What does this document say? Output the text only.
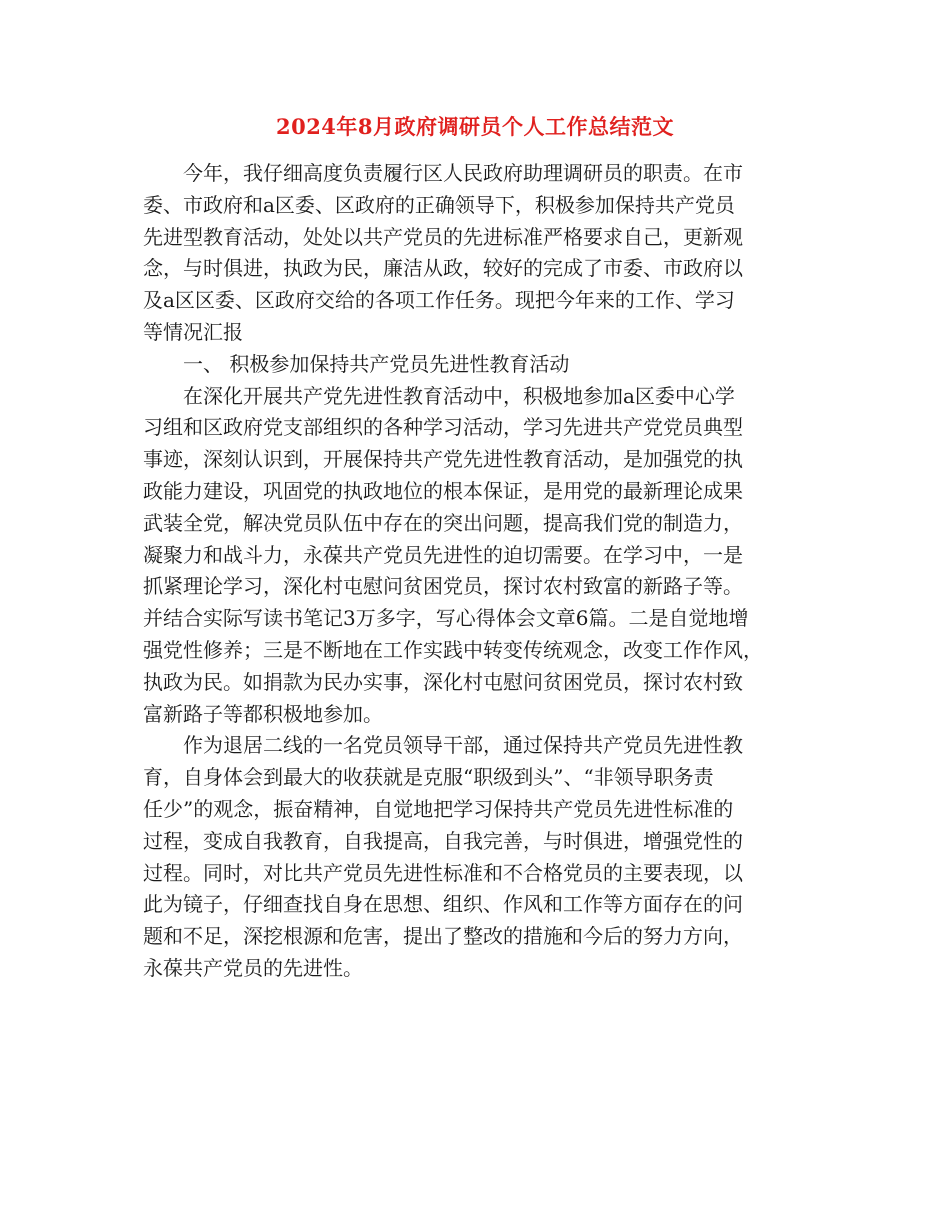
2024年8月政府调研员个人工作总结范文
今年，我仔细高度负责履行区人民政府助理调研员的职责。在市
委、市政府和a区委、区政府的正确领导下，积极参加保持共产党员
先进型教育活动，处处以共产党员的先进标准严格要求自己，更新观
念，与时俱进，执政为民，廉洁从政，较好的完成了市委、市政府以
及a区区委、区政府交给的各项工作任务。现把今年来的工作、学习
等情况汇报
一、 积极参加保持共产党员先进性教育活动
在深化开展共产党先进性教育活动中，积极地参加a区委中心学
习组和区政府党支部组织的各种学习活动，学习先进共产党党员典型
事迹，深刻认识到，开展保持共产党先进性教育活动，是加强党的执
政能力建设，巩固党的执政地位的根本保证，是用党的最新理论成果
武装全党，解决党员队伍中存在的突出问题，提高我们党的制造力，
凝聚力和战斗力，永葆共产党员先进性的迫切需要。在学习中，一是
抓紧理论学习，深化村屯慰问贫困党员，探讨农村致富的新路子等。
并结合实际写读书笔记3万多字，写心得体会文章6篇。二是自觉地增
强党性修养；三是不断地在工作实践中转变传统观念，改变工作作风，
执政为民。如捐款为民办实事，深化村屯慰问贫困党员，探讨农村致
富新路子等都积极地参加。
作为退居二线的一名党员领导干部，通过保持共产党员先进性教
育，自身体会到最大的收获就是克服“职级到头”、“非领导职务责
任少”的观念，振奋精神，自觉地把学习保持共产党员先进性标准的
过程，变成自我教育，自我提高，自我完善，与时俱进，增强党性的
过程。同时，对比共产党员先进性标准和不合格党员的主要表现，以
此为镜子，仔细查找自身在思想、组织、作风和工作等方面存在的问
题和不足，深挖根源和危害，提出了整改的措施和今后的努力方向，
永葆共产党员的先进性。
